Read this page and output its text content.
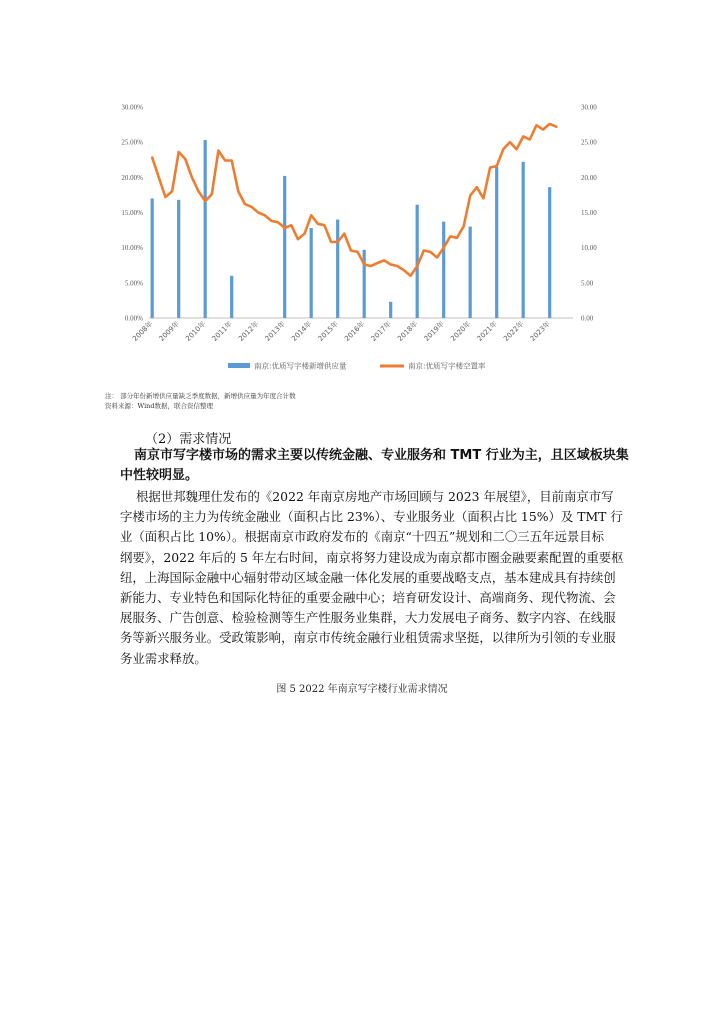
0.00%
5.00%
10.00%
15.00%
20.00%
25.00%
30.00%
0.00
5.00
10.00
15.00
20.00
25.00
30.00
2008年 2009年 2010年 2011年 2012年 2013年 2014年 2015年 2016年 2017年 2018年 2019年 2020年 2021年 2022年 2023年
南京:优质写字楼新增供应量	南京:优质写字楼空置率
注： 部分年份新增供应量缺乏季度数据，新增供应量为年度合计数
资料来源：Wind数据，联合资信整理
（2）需求情况
南京市写字楼市场的需求主要以传统金融、专业服务和 TMT 行业为主，且区域板块集
中性较明显。
根据世邦魏理仕发布的《2022 年南京房地产市场回顾与 2023 年展望》，目前南京市写
字楼市场的主力为传统金融业（面积占比 23%）、专业服务业（面积占比 15%）及 TMT 行
业（面积占比 10%）。根据南京市政府发布的《南京“十四五”规划和二〇三五年远景目标
纲要》，2022 年后的 5 年左右时间，南京将努力建设成为南京都市圈金融要素配置的重要枢
纽，上海国际金融中心辐射带动区域金融一体化发展的重要战略支点，基本建成具有持续创
新能力、专业特色和国际化特征的重要金融中心；培育研发设计、高端商务、现代物流、会
展服务、广告创意、检验检测等生产性服务业集群，大力发展电子商务、数字内容、在线服
务等新兴服务业。受政策影响，南京市传统金融行业租赁需求坚挺，以律所为引领的专业服
务业需求释放。
图 5 2022 年南京写字楼行业需求情况
